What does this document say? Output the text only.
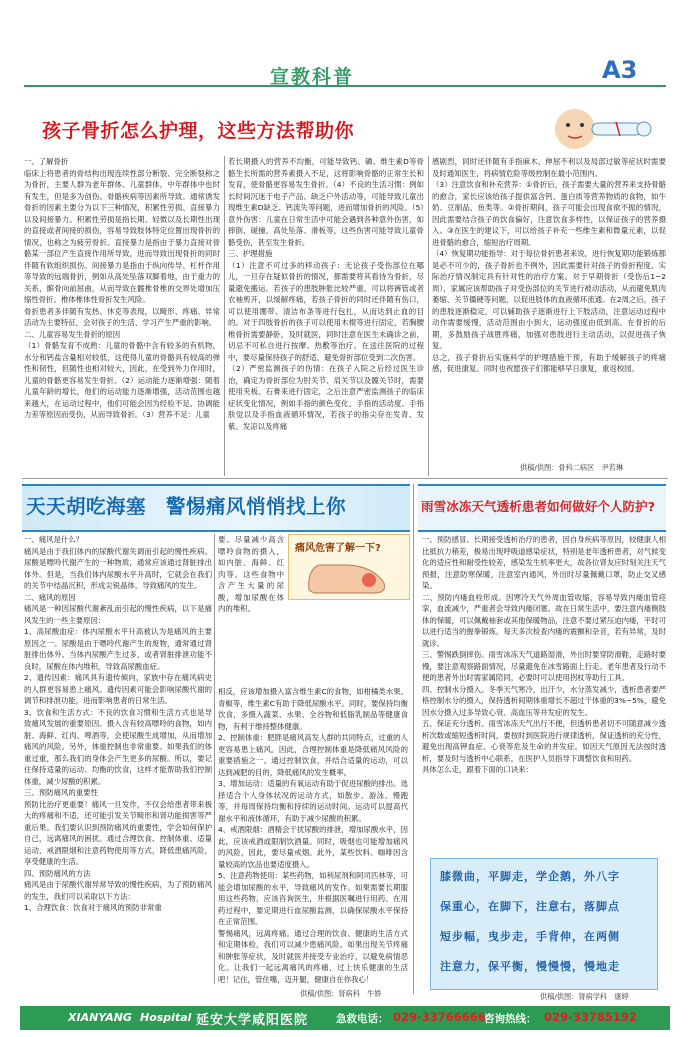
宣教科普	A3
孩子骨折怎么护理，这些方法帮助你
一、了解骨折
临床上将患者的骨结构出现连续性部分断裂、完全断裂称之为骨折，主要人群为老年群体、儿童群体，中年群体中也时有发生，但是多为创伤。骨骼疾病等因素所导致。通常诱发骨折的因素主要分为以下三种情况，积累性劳损、直接暴力以及间接暴力。积累性劳损是指长期、轻微以及长期性出现的直接或者间接的损伤，容易导致肢体特定位置出现骨折的情况，也称之为疲劳骨折。直接暴力是指由于暴力直接对骨骼某一部位产生直接作用所导致，进而导致出现骨折的同时伴随有软组织损伤。间接暴力是指由于纵向传导、杠杆作用等导致的远端骨折，例如从高处坠落双脚着地，由于重力的关系，髌骨向前屈曲，从而导致在髋椎骨椎的交界处增加压缩性骨折。椎体椎体性骨折发生风险。
骨折患者多伴随有发热、休克等表现，以畸形、疼痛、异常活动为主要特征，会对孩子的生活、学习产生严重的影响。
二、儿童容易发生骨折的原因
（1）骨骼发育不成熟：儿童的骨骼中含有较多的有机物，水分和钙盐含量相对较低，这使得儿童的骨骼具有较高的弹性和韧性，但随性也相对较大，因此，在受到外力作用时，儿童的骨骼更容易发生骨折。（2）运动能力逐渐增强：随着儿童年龄的增长，他们的运动能力逐渐增强，活动范围也越来越大，在运动过程中，他们可能会因为经验不足、协调能力差等原因而受伤，从而导致骨折。（3）营养不足：儿童
若长期摄入的营养不均衡，可能导致钙、磷、维生素D等骨骼生长所需的营养素摄入不足，这将影响骨骼的正常生长和发育，使骨骼更容易发生骨折。（4）不良的生活习惯：例如长时间沉迷于电子产品、缺乏户外活动等，可能导致儿童出现维生素D缺乏、钙流失等问题，进而增加骨折的风险。（5）意外伤害：儿童在日常生活中可能会遇到各种意外伤害，如摔倒、碰撞、高处坠落、滑板等，这些伤害可能导致儿童骨骼受伤，甚至发生骨折。
三、护理措施
（1）注意不可过多的移动孩子：无论孩子受伤部位在哪儿，一旦存在疑似骨折的情况，都需要将其看待为骨折，尽量避免搬运。若孩子的患肢肿胀比较严重，可以将裤管或者衣袖剪开，以缓解疼痛，若孩子骨折的同时还伴随有伤口，可以使用绷带、清洁布条等进行包扎，从而达到止血的目的。对于四肢骨折的孩子可以使用木棍等进行固定，若胸腰椎骨折需要静卧，及时就医，同时注意在医生未确诊之前，切忌不可私自进行按摩、热敷等治疗。在送往医院的过程中，要尽量保持孩子的舒适，避免骨折部位受到二次伤害。
（2）严密监测孩子的伤情：在孩子入院之后经过医生诊治，确定为骨折部位为肘关节、肩关节以及髋关节时，需要使用夹板、石膏来进行固定，之后注意严密监测孩子的临床症状变化情况，例如手指的颜色变化、手指的活动度、手指肤觉以及手指血液循环情况，若孩子的指尖存在发青、发紫、发凉以及疼痛
感剧烈，同时还伴随有手指麻木、伸屈不利以及局部过敏等症状时需要及时通知医生，将病情危险等级控制在最小范围内。
（3）注意饮食和补充营养：①骨折后，孩子需要大量的营养来支持骨骼的愈合，家长应该给孩子提供富含钙、蛋白质等营养物质的食物，如牛奶、豆制品、鱼类等。②骨折期间，孩子可能会出现食欲不振的情况，因此需要结合孩子的饮食偏好，注意饮食多样性，以保证孩子的营养摄入。③在医生的建议下，可以给孩子补充一些维生素和微量元素，以促进骨骼的愈合，缩短治疗周期。
（4）恢复期功能指导：对于每位骨折患者来说，进行恢复期功能锻炼都是必不可少的，孩子骨折也不例外，因此需要针对孩子的骨折程度、实际治疗情况制定具有针对性的治疗方案。对于早期骨折（受伤后1~2周），家属应该帮助孩子对受伤部位的关节进行被动活动，从而避免肌肉萎缩、关节僵硬等问题，以促进肢体的血液循环流通。在2周之后，孩子的患肢逐渐稳定，可以辅助孩子逐渐进行上下肢活动，注意运动过程中动作需要缓慢，活动范围由小到大，运动强度由低到高。在骨折的后期，多鼓励孩子战胜疼痛，加强对患肢进行主动活动，以促进孩子恢复。
总之，孩子骨折后实施科学的护理措施干预，有助于缓解孩子的疼痛感，促进康复。同时也祝愿孩子们都能够早日康复，重返校园。
供稿/供图：骨科二病区　尹若琳
天天胡吃海塞　警惕痛风悄悄找上你
一、痛风是什么？
痛风是由于我们体内的尿酸代谢失调而引起的慢性疾病。尿酸是嘌呤代谢产生的一种物质，通常应该通过肾脏排出体外。但是，当我们体内尿酸水平升高时，它就会在我们的关节中结晶沉积，形成尖锐晶体，导致痛风的发生。
二、痛风的原因
痛风是一种因尿酸代谢紊乱而引起的慢性疾病，以下是痛风发生的一些主要原因：
1、高尿酸血症：体内尿酸水平升高被认为是痛风的主要原因之一。尿酸是由于嘌呤代谢产生的废物，通常通过肾脏排出体外。当体内尿酸产生过多，或者肾脏排泄功能不良时，尿酸在体内堆积，导致高尿酸血症。
2、遗传因素：痛风具有遗传倾向，家族中存在痛风病史的人群更容易患上痛风。遗传因素可能会影响尿酸代谢的调节和排泄功能，进而影响患者的日常生活。
3、饮食和生活方式：不良的饮食习惯和生活方式也是导致痛风发展的重要原因。摄入含有较高嘌呤的食物，如内脏、海鲜、红肉、啤酒等，会使尿酸生成增加，从而增加痛风的风险。另外，体重控制也非常重要。如果我们的体重过重，那么我们的身体会产生更多的尿酸。所以，要记住保持适量的运动、均衡的饮食，这样才能帮助我们控制体重，减少尿酸的积累。
三、预防痛风的重要性
预防比治疗更重要！痛风一旦发作，不仅会给患者带来极大的疼痛和不适，还可能引发关节畸形和肾功能损害等严重后果。我们要认识到预防痛风的重要性，学会如何保护自己，远离痛风的困扰。通过合理饮食、控制体重、适量运动、戒酒限烟和注意药物使用等方式，降低患痛风险，享受健康的生活。
四、预防痛风的方法
痛风是由于尿酸代谢异常导致的慢性疾病，为了预防痛风的发生，我们可以采取以下方法：
1、合理饮食：饮食对于痛风的预防非常重
要。尽量减少高含嘌呤食物的摄入，如内脏、海鲜、红肉等。这些食物中含产生大量的尿酸，增加尿酸在体内的堆积。
痛风危害了解一下?
相反，应该增加摄入富含维生素C的食物，如柑橘类水果、青椒等，维生素C有助于降低尿酸水平。同时，要保持均衡饮食，多摄入蔬菜、水果、全谷物和低脂乳制品等健康食物，有利于维持整体健康。
2、控制体重：肥胖是痛风高发人群的共同特点，过重的人更容易患上痛风。因此，合理控制体重是降低痛风风险的重要措施之一。通过控制饮食，并结合适量的运动，可以达到减肥的目的，降低痛风的发生概率。
3、增加运动：适量的有氧运动有助于促进尿酸的排出。选择适合个人身体状况的运动方式，如散步、游泳、慢跑等，并每周保持均衡和持续的运动时间。运动可以提高代谢水平和液体循环，有助于减少尿酸的积累。
4、戒酒限烟：酒精会干扰尿酸的排泄，增加尿酸水平，因此，应该戒酒或限制饮酒量。同时，吸烟也可能增加痛风的风险，因此，要尽量戒烟。此外，某些饮料、咖啡因含量较高的饮品也要适度摄入。
5、注意药物使用：某些药物，如利尿剂和阿司匹林等，可能会增加尿酸的水平，导致痛风的发作。如果需要长期服用这些药物，应该咨询医生，并根据医嘱进行用药。在用药过程中，要定期进行血尿酸监测，以确保尿酸水平保持在正常范围。
警惕痛风，远离疼痛。通过合理的饮食、健康的生活方式和定期体检，我们可以减少患痛风险。如果出现关节疼痛和肿胀等症状，及时就医并接受专业治疗，以避免病情恶化。让我们一起远离痛风的疼痛，过上快乐健康的生活吧！记住，管住嘴，迈开腿，健康自在你我心！
供稿/供图：肾病科　牛娇
雨雪冰冻天气透析患者如何做好个人防护?
一、预防感冒。长期接受透析治疗的患者，因自身疾病等原因，较健康人相比抵抗力稍差，极易出现呼吸道感染症状，特别是老年透析患者，对气候变化的适应性和耐受性较差，感染发生机率更大，故各位肾友应时刻关注天气预报，注意防寒保暖，注意室内通风，外出时尽量佩戴口罩，防止交叉感染。
二、预防内瘘血栓形成。因寒冷天气外周血管收缩，容易导致内瘘血管痉挛，血流减少，严重者会导致内瘘闭塞。故在日常生活中，要注意内瘘侧肢体的保暖，可以佩戴袖套或其他保暖物品，注意不要过紧压迫内瘘，平时可以进行适当的握拳锻炼。每天多次检查内瘘的震颤和杂音，若有异常，及时就诊。
三、警惕跌倒摔伤。雨雪冰冻天气道路湿滑，外出时要穿防滑鞋，走路时要慢，要注意观察路面情况，尽量避免在冰雪路面上行走。老年患者及行动不便的患者外出时需家属陪同，必要时可以使用拐杖等助行工具。
四、控制水分摄入。冬季天气寒冷，出汗少，水分蒸发减少，透析患者要严格控制水分的摄入，保持透析间期体重增长不超过干体重的3%~5%，避免因水分摄入过多导致心衰、高血压等并发症的发生。
五、保证充分透析。雨雪冰冻天气出行不便，但透析患者切不可随意减少透析次数或缩短透析时间，要按时到医院进行规律透析，保证透析的充分性，避免出现高钾血症、心衰等危及生命的并发症。如因天气原因无法按时透析，要及时与透析中心联系，在医护人员指导下调整饮食和用药。
具体怎么走，跟着下面的口诀来：
膝微曲，平脚走，学企鹅，外八字
保重心，在脚下，注意右，落脚点
短步幅，曳步走，手背伸，在两侧
注意力，保平衡，慢慢慢，慢地走
供稿/供图：肾病学科　康婷
XIANYANG Hospital 延安大学咸阳医院	急救电话： 029-33766666
咨询热线： 029-33785192
